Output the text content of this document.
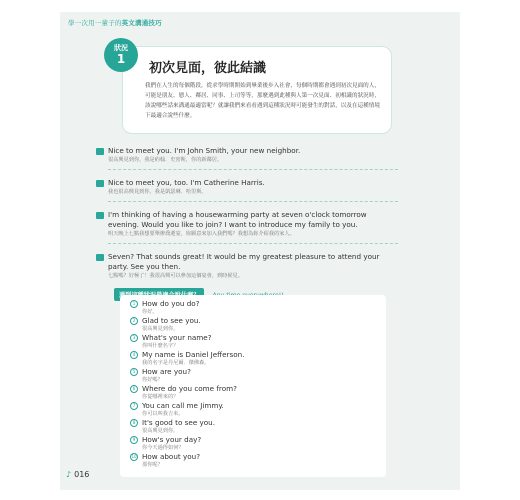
學一次用一輩子的英文溝通技巧
初次見面，彼此結識
我們在人生的每個階段，從求學時期開始到畢業後步入社會，每個時期都會遇到初次見面的人，可能是朋友、戀人、鄰居、同事、上司等等，那麼遇到此種與人第一次見面、初相識的狀況時，該說哪些話來溝通最適當呢？就讓我們來看看遇到這種狀況時可能發生的對話，以及在這種情境下最適合說些什麼。
狀況
1
Nice to meet you. I'm John Smith, your new neighbor.
很高興見到你，我是約翰．史密斯，你的新鄰居。
Nice to meet you, too. I'm Catherine Harris.
我也很高興見到你，我是凱瑟琳．哈里斯。
I'm thinking of having a housewarming party at seven o'clock tomorrow evening. Would you like to join? I want to introduce my family to you.
明天晚上七點我想要舉辦喬遷宴，妳願意來加入我們嗎？我想為妳介紹我的家人。
Seven? That sounds great! It would be my greatest pleasure to attend your party. See you then.
七點嗎？好極了！我很高興可以參加這個宴會，到時候見。

1 How do you do?
你好。
2 Glad to see you.
很高興見到你。
3 What's your name?
你叫什麼名字？
4 My name is Daniel Jefferson.
我的名字是丹尼爾．傑佛森。
5 How are you?
你好嗎？
6 Where do you come from?
你從哪裡來的？
7 You can call me Jimmy.
你可以叫我吉米。
8 It's good to see you.
很高興見到你。
9 How's your day?
你今天過得如何？
10 How about you?
那你呢？
♪ 016
